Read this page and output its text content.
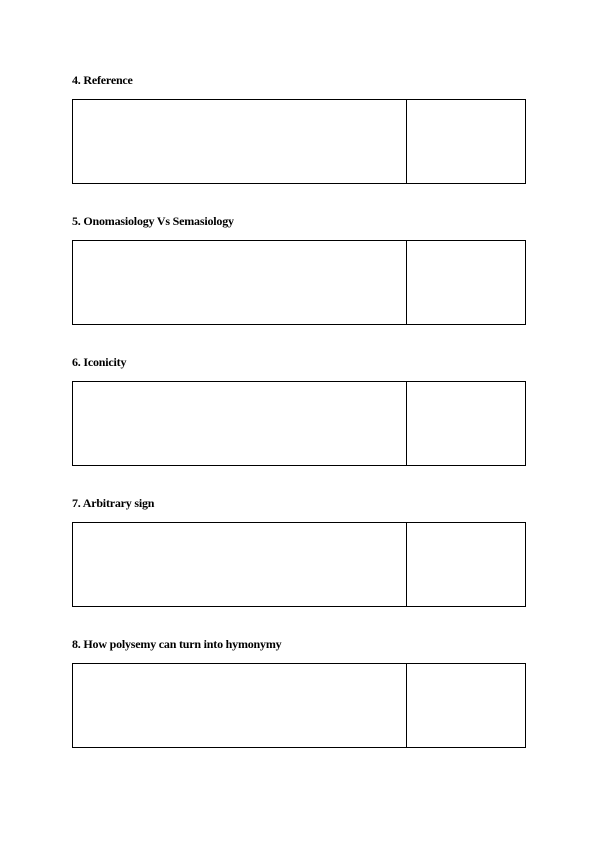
4. Reference
5. Onomasiology Vs Semasiology
6. Iconicity
7. Arbitrary sign
8. How polysemy can turn into hymonymy
